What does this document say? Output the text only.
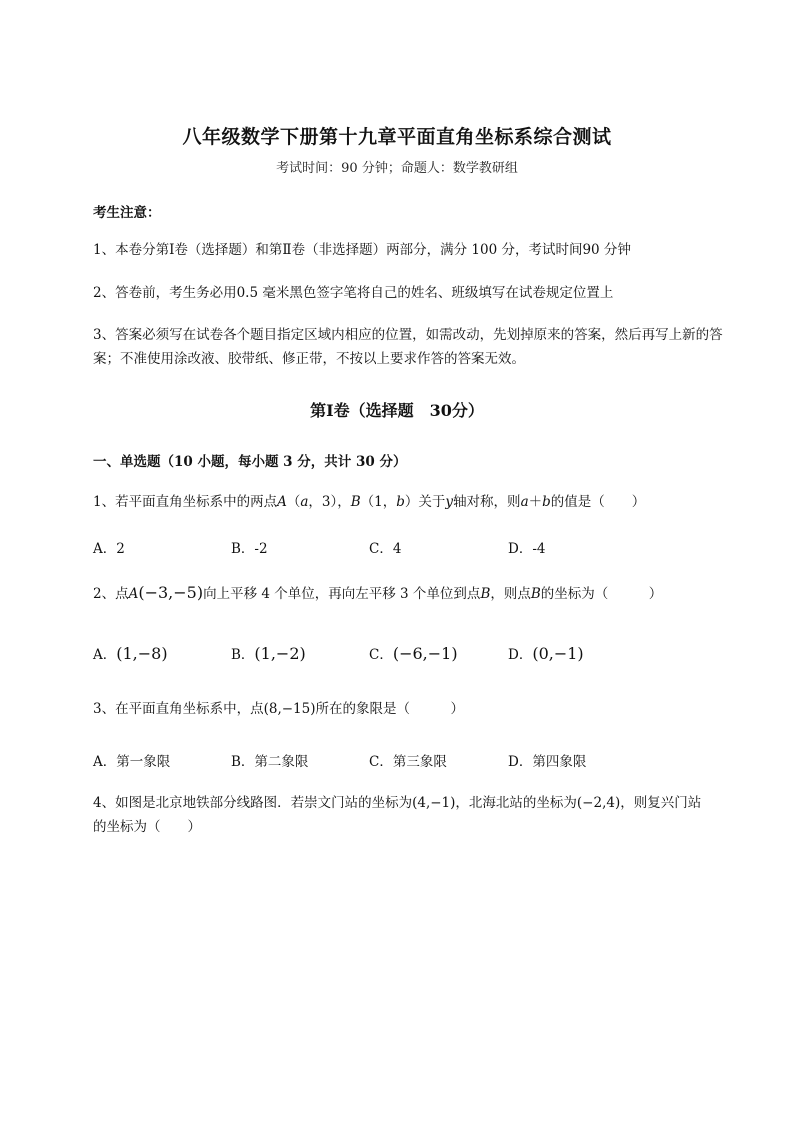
八年级数学下册第十九章平面直角坐标系综合测试
考试时间：90 分钟；命题人：数学教研组
考生注意：
1、本卷分第Ⅰ卷（选择题）和第Ⅱ卷（非选择题）两部分，满分 100 分，考试时间90 分钟
2、答卷前，考生务必用0.5 毫米黑色签字笔将自己的姓名、班级填写在试卷规定位置上
3、答案必须写在试卷各个题目指定区域内相应的位置，如需改动，先划掉原来的答案，然后再写上新的答案；不准使用涂改液、胶带纸、修正带，不按以上要求作答的答案无效。
第Ⅰ卷（选择题　30分）
一、单选题（10 小题，每小题 3 分，共计 30 分）
1、若平面直角坐标系中的两点A（a，3），B（1，b）关于y轴对称，则a＋b的值是（　　）
A．2	B．-2	C．4	D．-4
2、点A(−3,−5)向上平移 4 个单位，再向左平移 3 个单位到点B，则点B的坐标为（　　　）
A．(1,−8)	B．(1,−2)	C．(−6,−1)	D．(0,−1)
3、在平面直角坐标系中，点(8,−15)所在的象限是（　　　）
A．第一象限	B．第二象限	C．第三象限	D．第四象限
4、如图是北京地铁部分线路图．若崇文门站的坐标为(4,−1)，北海北站的坐标为(−2,4)，则复兴门站
的坐标为（　　）
